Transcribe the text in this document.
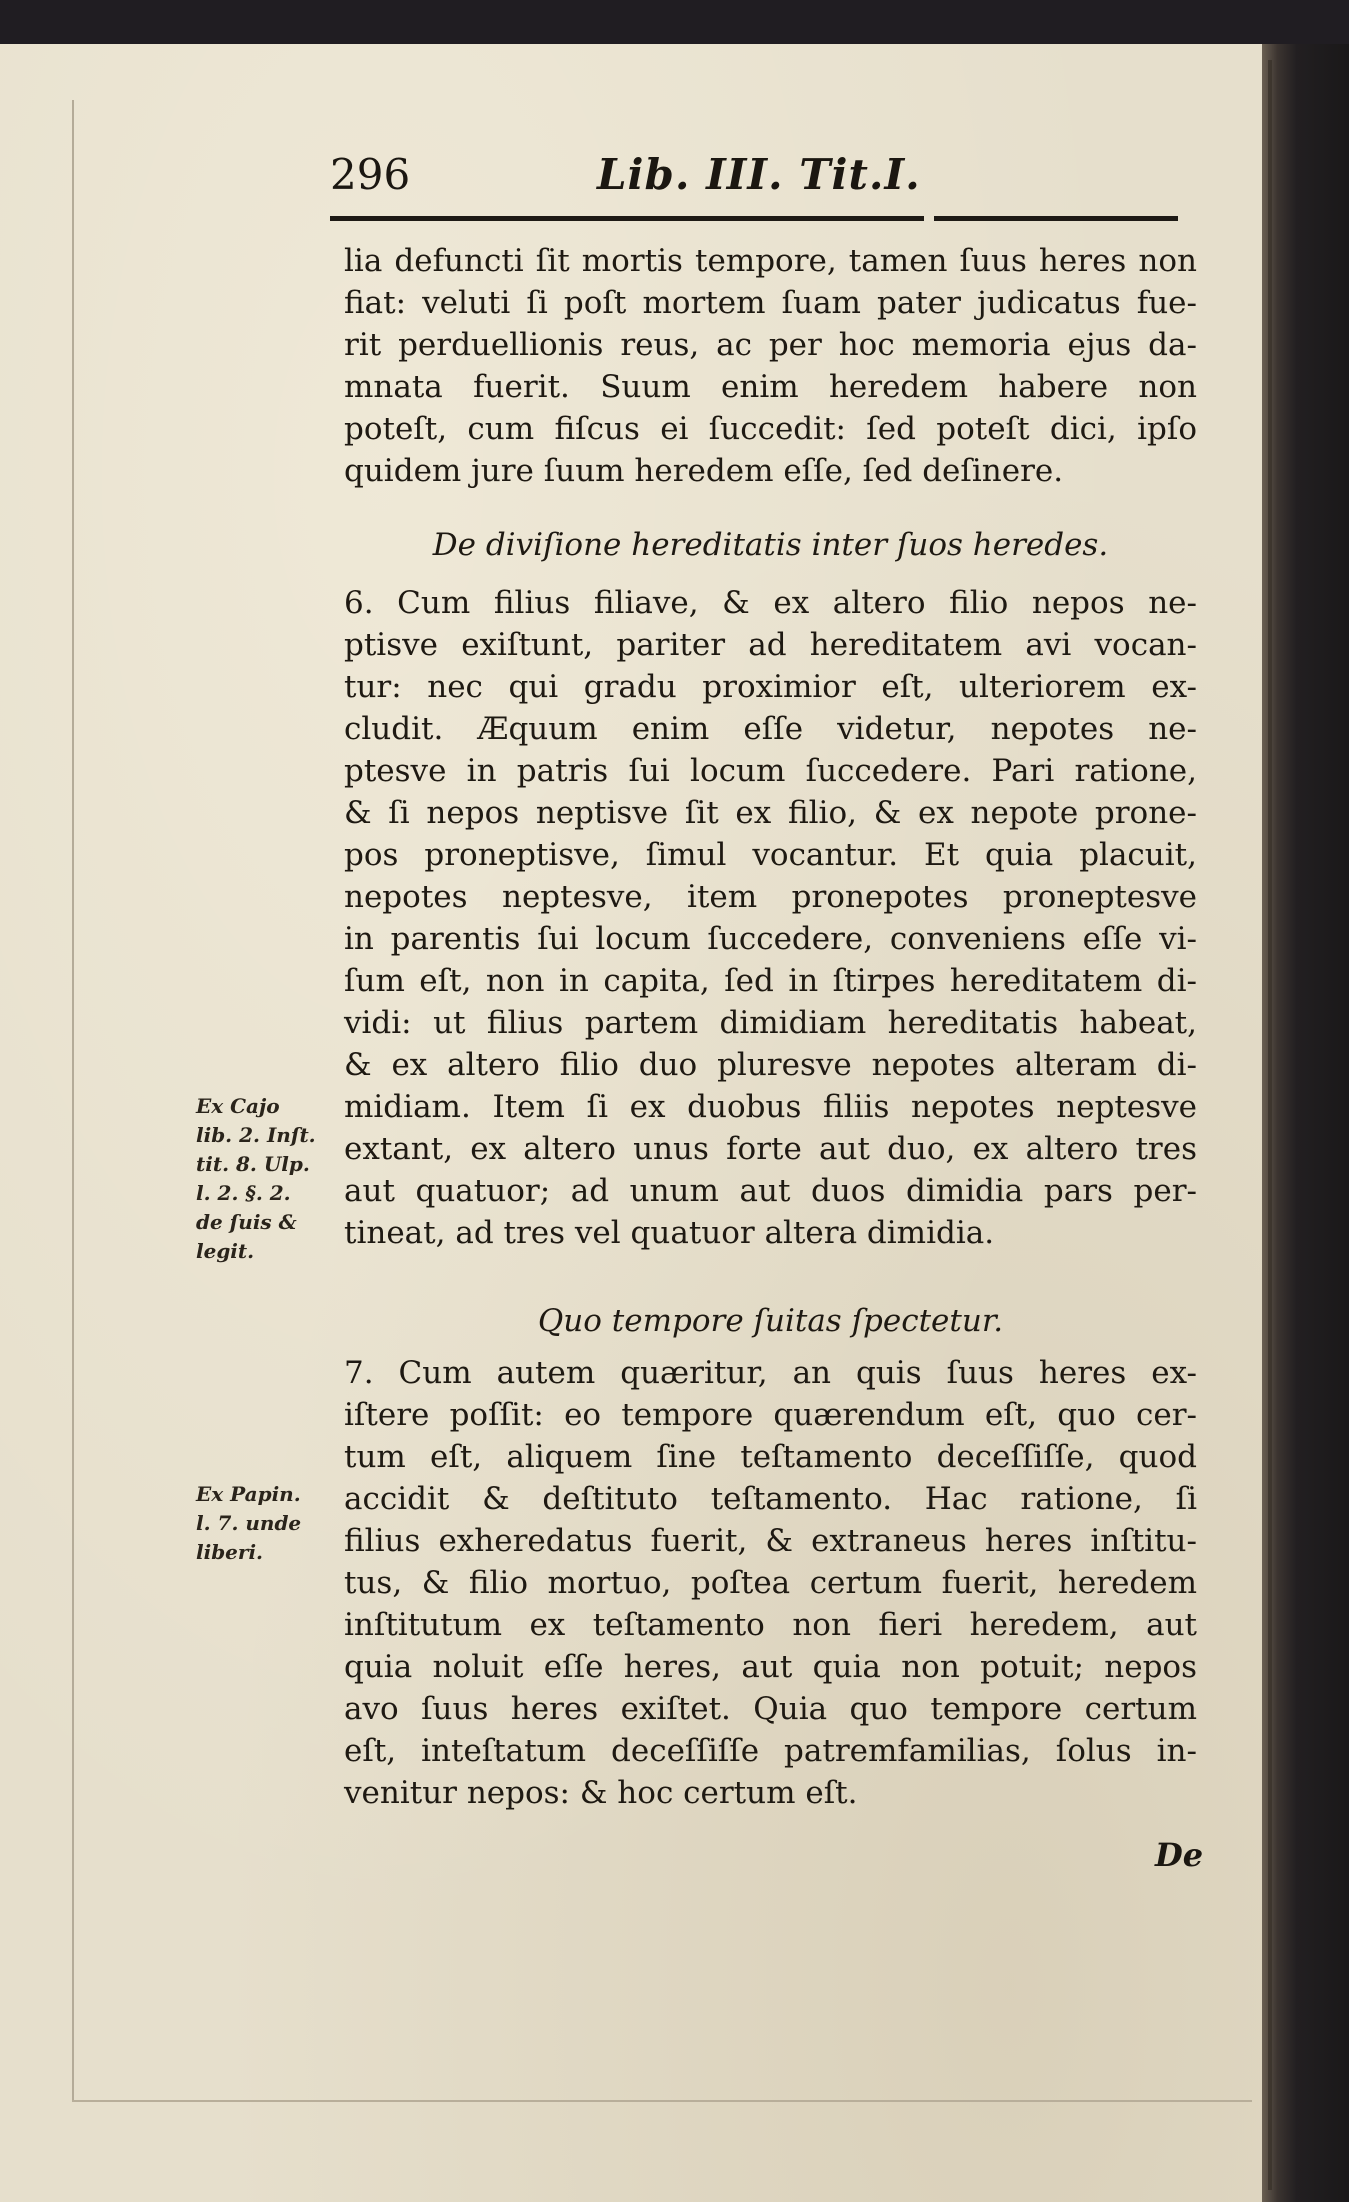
296	Lib. III. Tit.I.

lia defuncti ſit mortis tempore, tamen ſuus heres non

fiat: veluti ſi poſt mortem ſuam pater judicatus fue-

rit perduellionis reus, ac per hoc memoria ejus da-

mnata fuerit. Suum enim heredem habere non

poteſt, cum fiſcus ei ſuccedit: ſed poteſt dici, ipſo

quidem jure ſuum heredem eſſe, ſed deſinere.

De diviſione hereditatis inter ſuos heredes.

6. Cum filius filiave, & ex altero filio nepos ne-

ptisve exiſtunt, pariter ad hereditatem avi vocan-

tur: nec qui gradu proximior eſt, ulteriorem ex-

cludit. Æquum enim eſſe videtur, nepotes ne-

ptesve in patris ſui locum ſuccedere. Pari ratione,

& ſi nepos neptisve ſit ex filio, & ex nepote prone-

pos proneptisve, ſimul vocantur. Et quia placuit,

nepotes neptesve, item pronepotes proneptesve

in parentis ſui locum ſuccedere, conveniens eſſe vi-

ſum eſt, non in capita, ſed in ſtirpes hereditatem di-

vidi: ut filius partem dimidiam hereditatis habeat,

& ex altero filio duo pluresve nepotes alteram di-

midiam. Item ſi ex duobus filiis nepotes neptesve

extant, ex altero unus forte aut duo, ex altero tres

aut quatuor; ad unum aut duos dimidia pars per-

tineat, ad tres vel quatuor altera dimidia.

Ex Cajo
lib. 2. Inſt.
tit. 8. Ulp.
l. 2. §. 2.
de ſuis &
legit.

Quo tempore ſuitas ſpectetur.

7. Cum autem quæritur, an quis ſuus heres ex-

iſtere poſſit: eo tempore quærendum eſt, quo cer-

tum eſt, aliquem ſine teſtamento deceſſiſſe, quod

accidit & deſtituto teſtamento. Hac ratione, ſi

filius exheredatus fuerit, & extraneus heres inſtitu-

tus, & filio mortuo, poſtea certum fuerit, heredem

inſtitutum ex teſtamento non fieri heredem, aut

quia noluit eſſe heres, aut quia non potuit; nepos

avo ſuus heres exiſtet. Quia quo tempore certum

eſt, inteſtatum deceſſiſſe patremfamilias, ſolus in-

venitur nepos: & hoc certum eſt.

Ex Papin.
l. 7. unde
liberi.
De
